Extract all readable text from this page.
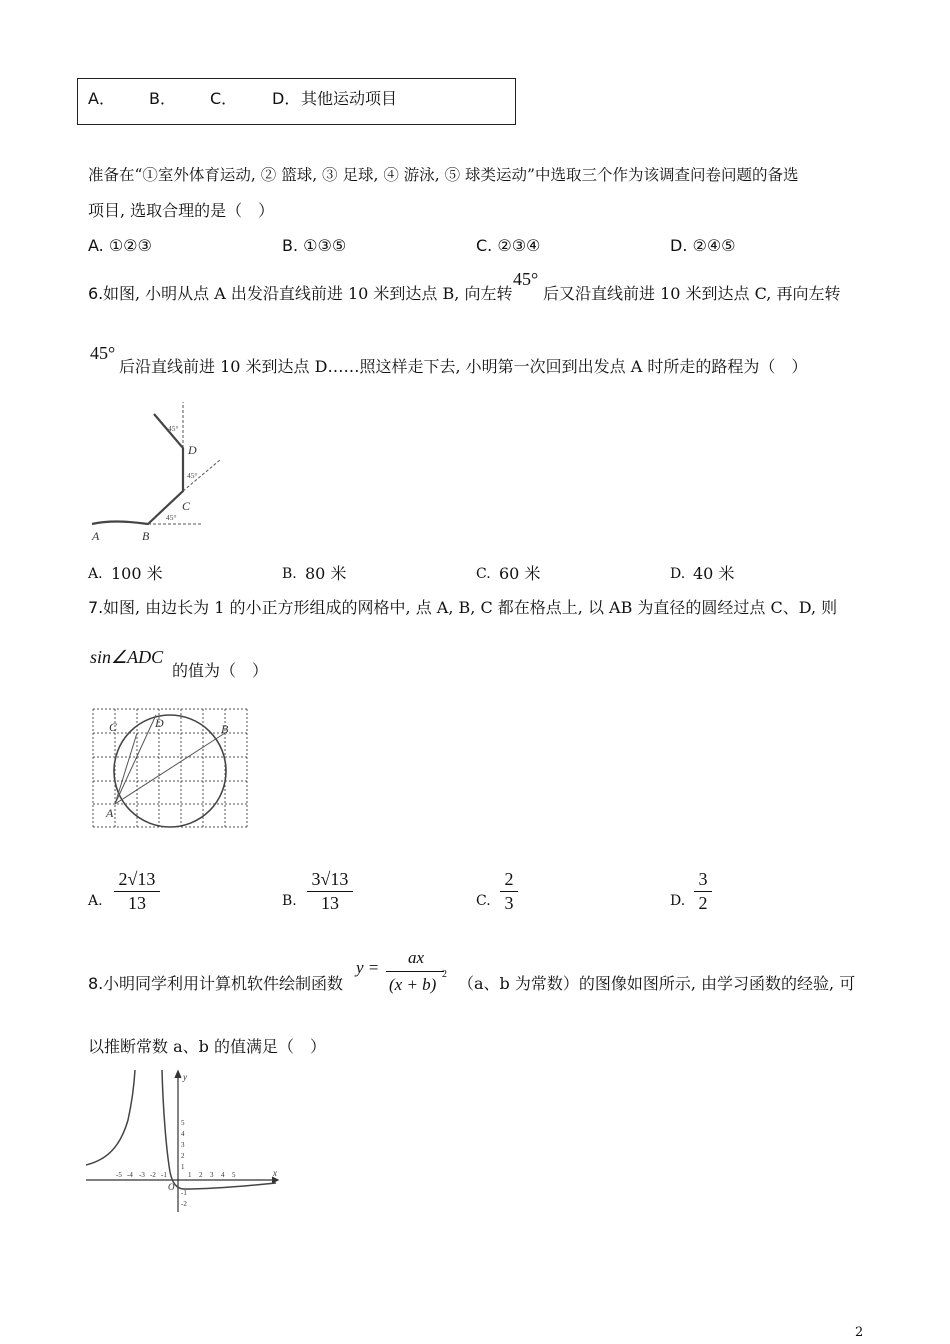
A． B． C． D． 其他运动项目
准备在“①室外体育运动, ② 篮球, ③ 足球, ④ 游泳, ⑤ 球类运动”中选取三个作为该调查问卷问题的备选
项目, 选取合理的是（　）
A. ①②③	B. ①③⑤	C. ②③④	D. ②④⑤
6. 如图, 小明从点 A 出发沿直线前进 10 米到达点 B, 向左转
45°
后又沿直线前进 10 米到达点 C, 再向左转
45°
后沿直线前进 10 米到达点 D……照这样走下去, 小明第一次回到出发点 A 时所走的路程为（　）
A	B
C
D
45°
45°
45°
A. 100 米	B. 80 米	C. 60 米	D. 40 米
7. 如图, 由边长为 1 的小正方形组成的网格中, 点 A, B, C 都在格点上, 以 AB 为直径的圆经过点 C、D, 则
sin∠ADC
的值为（　）
A
B
C	D
A. $\frac{2√13}{13}$	B. $\frac{3√13}{13}$	C. $\frac{2}{3}$	D. $\frac{3}{2}$
8. 小明同学利用计算机软件绘制函数
y =
ax
(x + b)
2 （a、b 为常数）的图像如图所示, 由学习函数的经验, 可
以推断常数 a、b 的值满足（　）
-5 -4 -3 -2 -1	1 2 3 4 5
5
4
3
2
1
-1
-2
x
y
O
2
